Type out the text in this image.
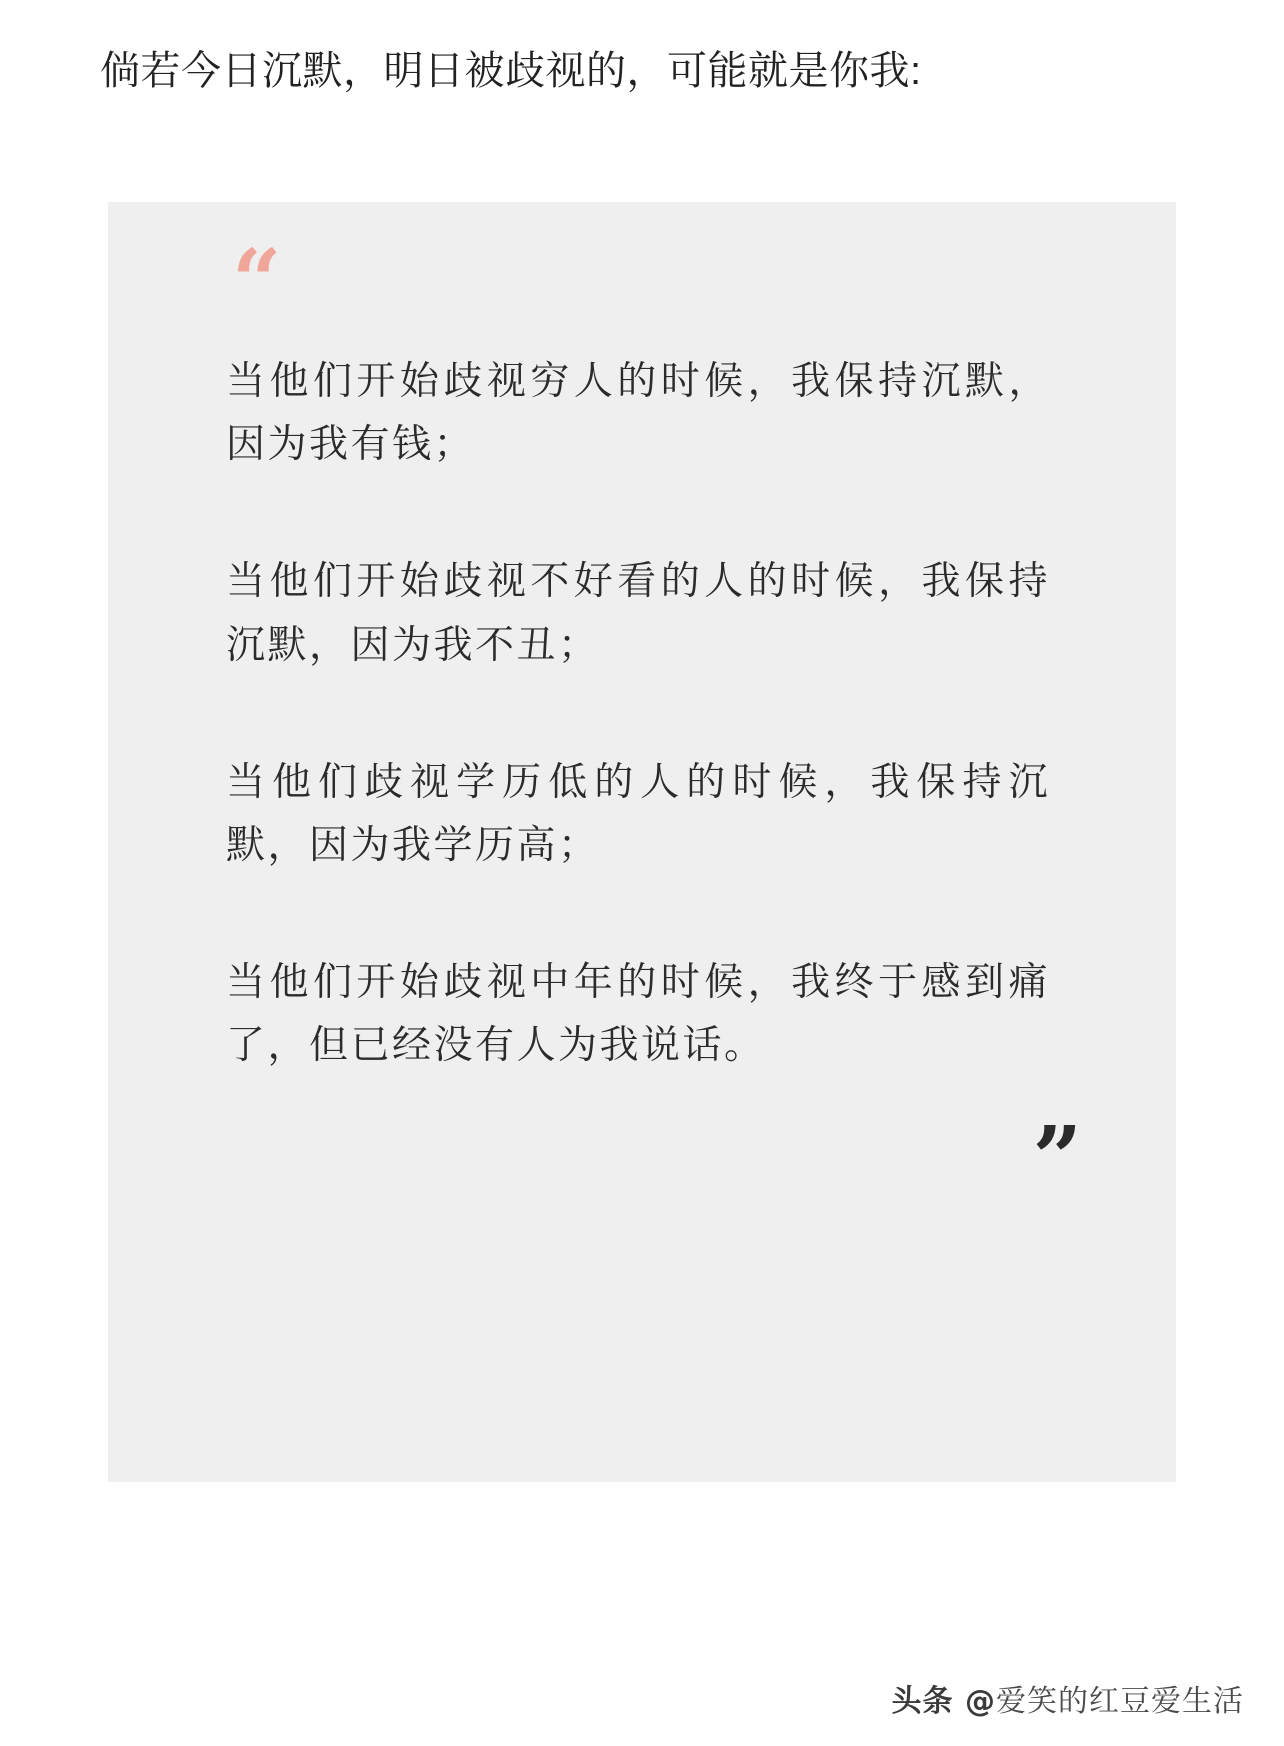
倘若今日沉默，明日被歧视的，可能就是你我:

“

当他们开始歧视穷人的时候，我保持沉默，因为我有钱；

当他们开始歧视不好看的人的时候，我保持沉默，因为我不丑；

当他们歧视学历低的人的时候，我保持沉默，因为我学历高；

当他们开始歧视中年的时候，我终于感到痛了，但已经没有人为我说话。

”
头条 @爱笑的红豆爱生活
